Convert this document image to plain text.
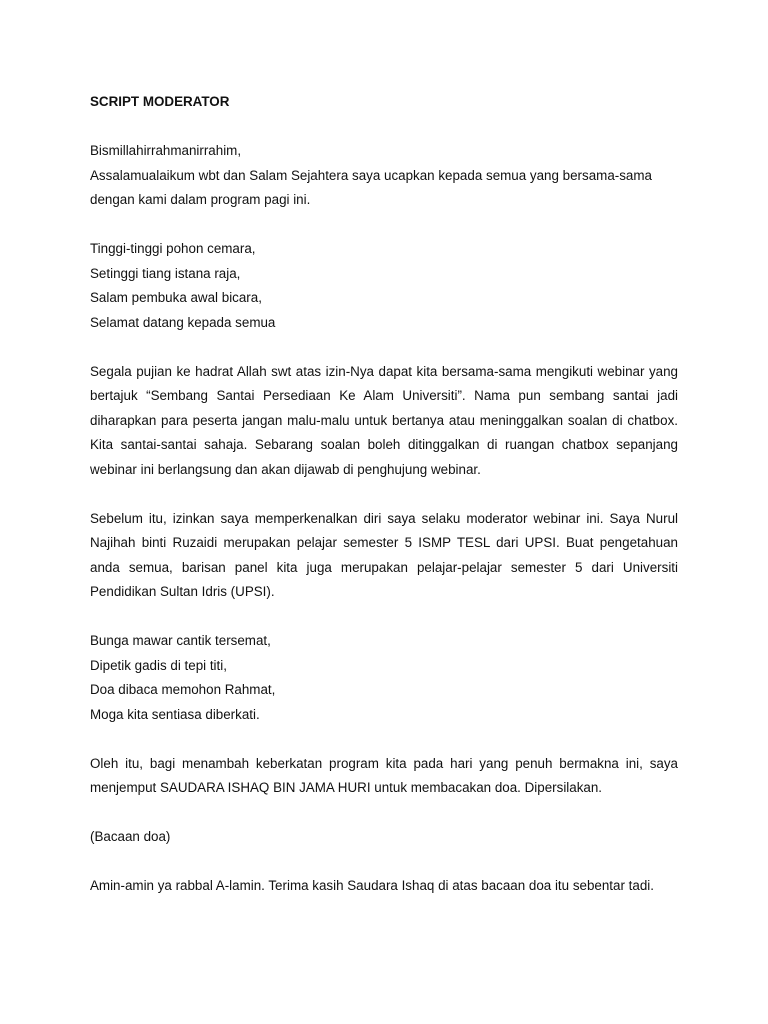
SCRIPT MODERATOR

Bismillahirrahmanirrahim,
Assalamualaikum wbt dan Salam Sejahtera saya ucapkan kepada semua yang bersama-sama dengan kami dalam program pagi ini.

Tinggi-tinggi pohon cemara,
Setinggi tiang istana raja,
Salam pembuka awal bicara,
Selamat datang kepada semua

Segala pujian ke hadrat Allah swt atas izin-Nya dapat kita bersama-sama mengikuti webinar yang bertajuk “Sembang Santai Persediaan Ke Alam Universiti”. Nama pun sembang santai jadi diharapkan para peserta jangan malu-malu untuk bertanya atau meninggalkan soalan di chatbox. Kita santai-santai sahaja. Sebarang soalan boleh ditinggalkan di ruangan chatbox sepanjang webinar ini berlangsung dan akan dijawab di penghujung webinar.

Sebelum itu, izinkan saya memperkenalkan diri saya selaku moderator webinar ini. Saya Nurul Najihah binti Ruzaidi merupakan pelajar semester 5 ISMP TESL dari UPSI. Buat pengetahuan anda semua, barisan panel kita juga merupakan pelajar-pelajar semester 5 dari Universiti Pendidikan Sultan Idris (UPSI).

Bunga mawar cantik tersemat,
Dipetik gadis di tepi titi,
Doa dibaca memohon Rahmat,
Moga kita sentiasa diberkati.

Oleh itu, bagi menambah keberkatan program kita pada hari yang penuh bermakna ini, saya menjemput SAUDARA ISHAQ BIN JAMA HURI untuk membacakan doa. Dipersilakan.

(Bacaan doa)

Amin-amin ya rabbal A-lamin. Terima kasih Saudara Ishaq di atas bacaan doa itu sebentar tadi.
